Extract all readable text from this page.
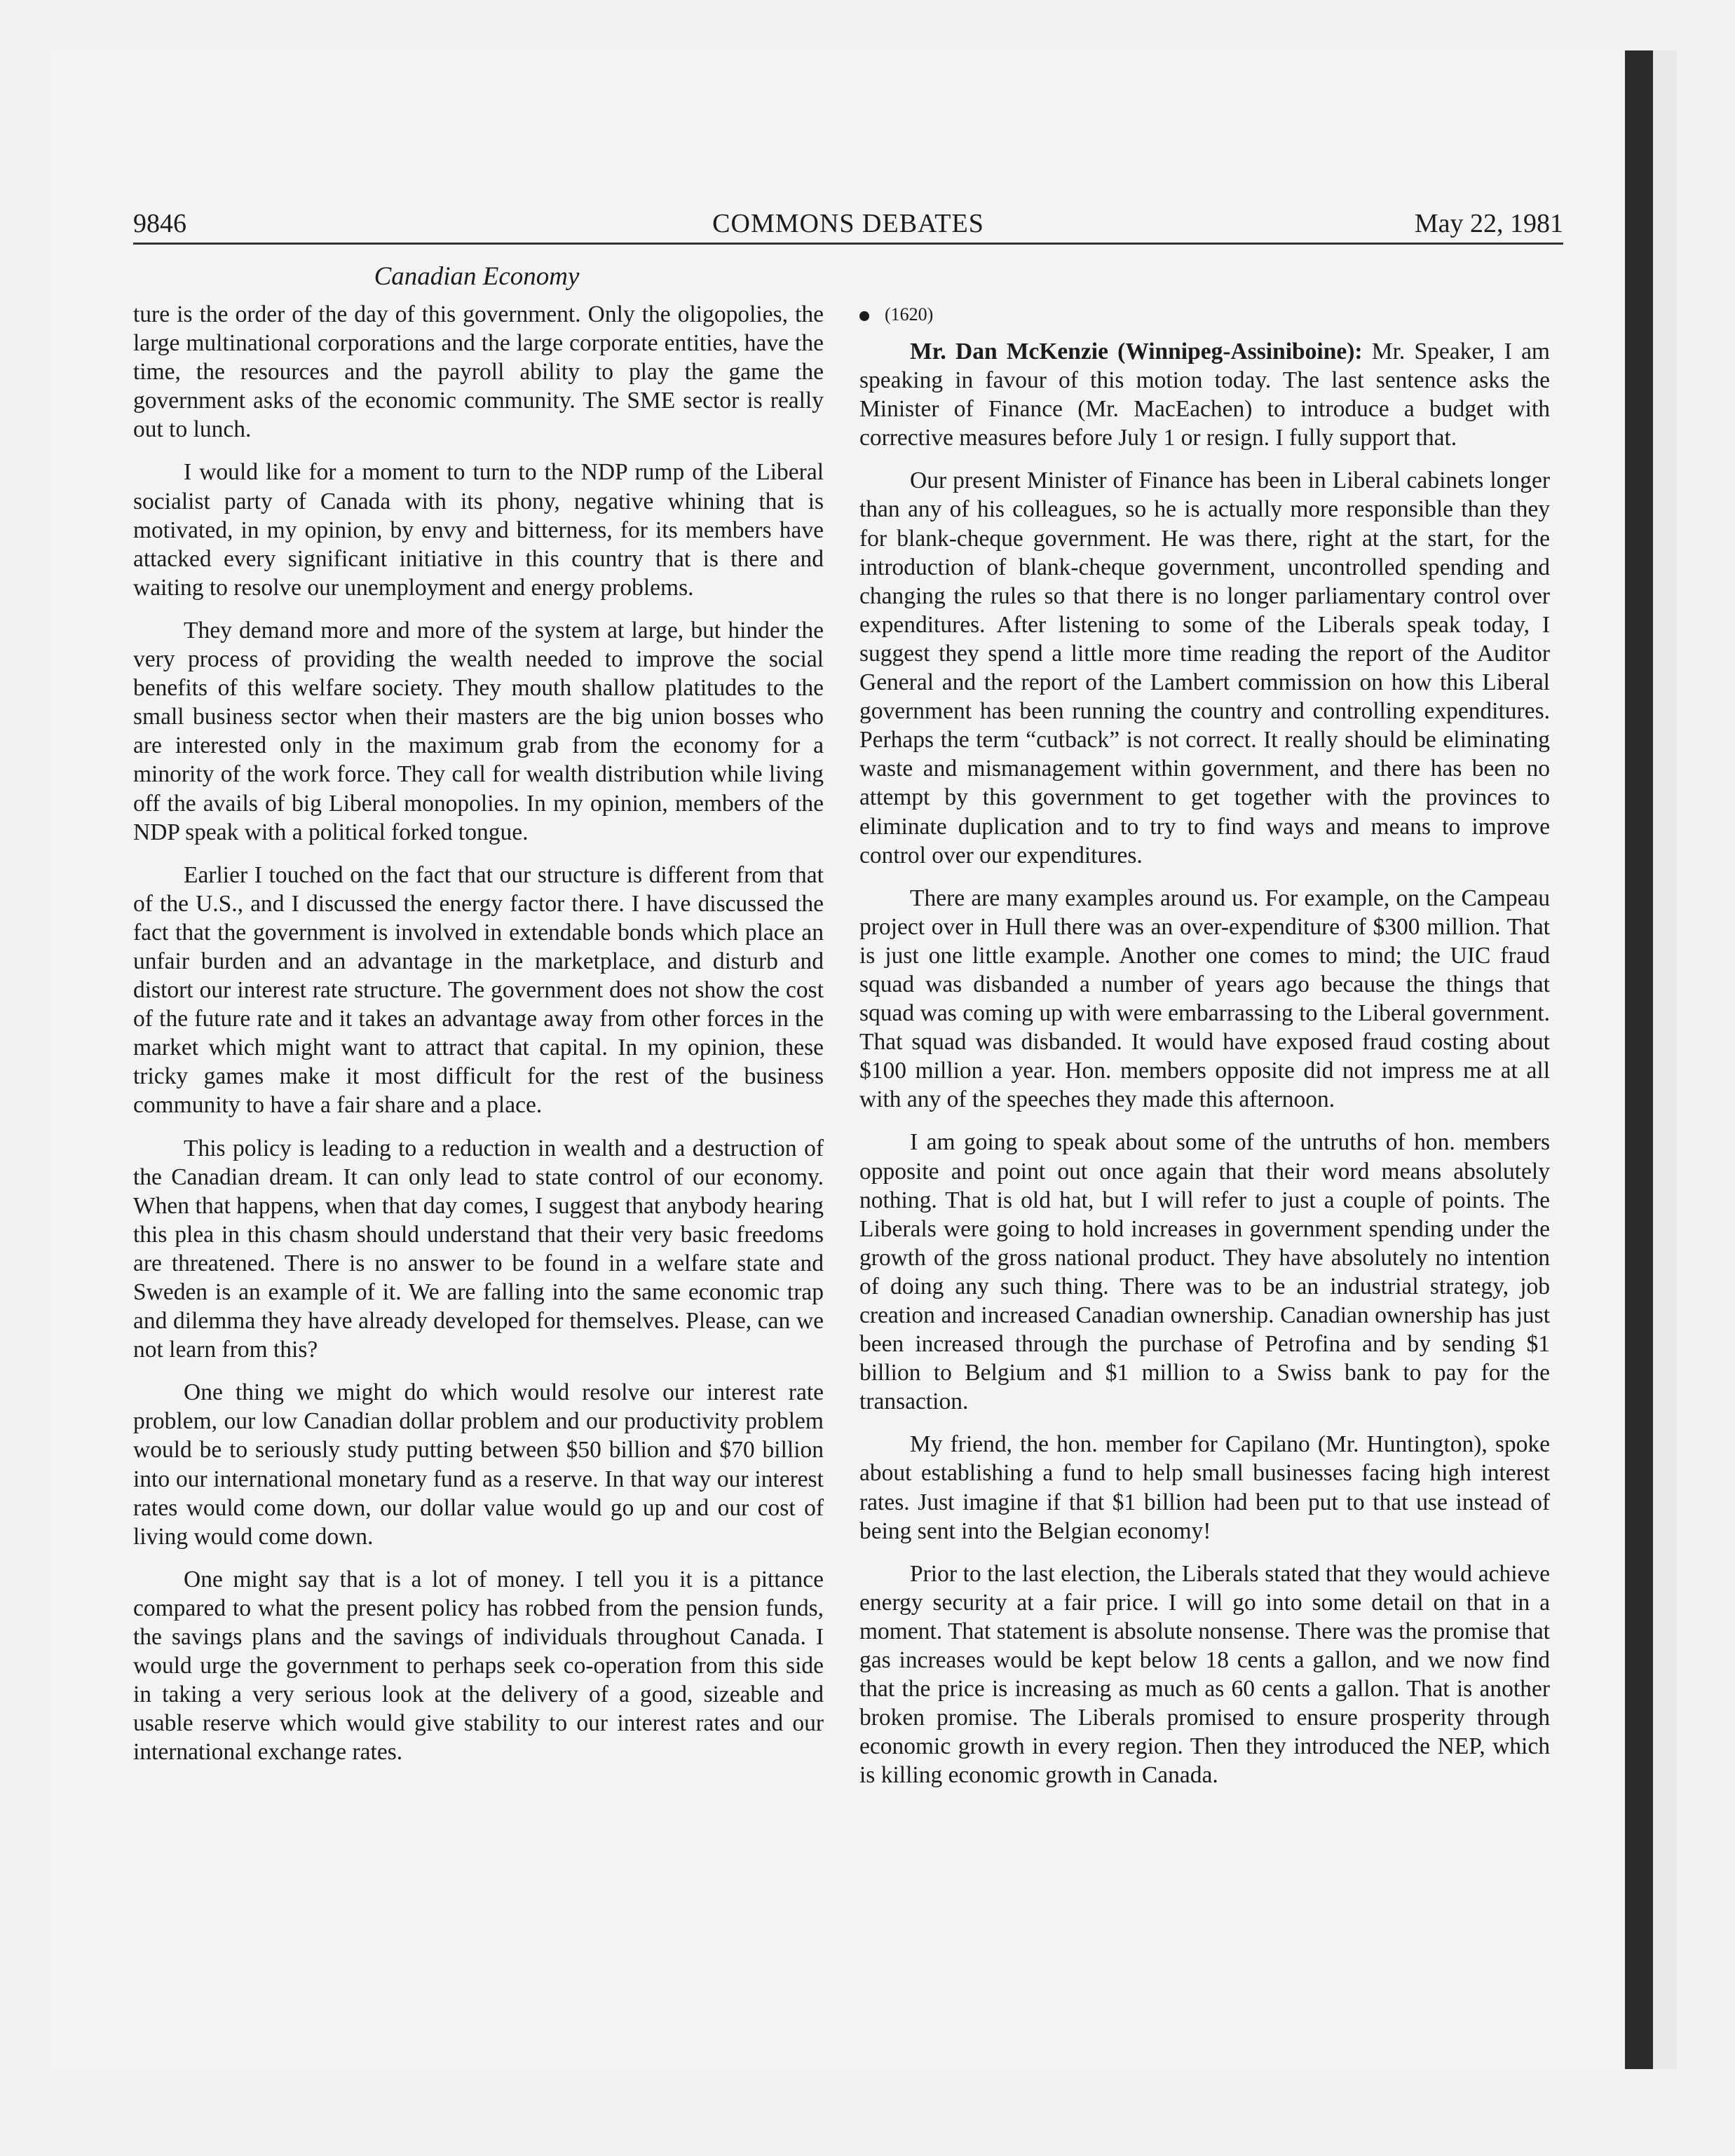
9846	COMMONS DEBATES	May 22, 1981
Canadian Economy

ture is the order of the day of this government. Only the oligopolies, the large multinational corporations and the large corporate entities, have the time, the resources and the payroll ability to play the game the government asks of the economic community. The SME sector is really out to lunch.

I would like for a moment to turn to the NDP rump of the Liberal socialist party of Canada with its phony, negative whining that is motivated, in my opinion, by envy and bitterness, for its members have attacked every significant initiative in this country that is there and waiting to resolve our unemployment and energy problems.

They demand more and more of the system at large, but hinder the very process of providing the wealth needed to improve the social benefits of this welfare society. They mouth shallow platitudes to the small business sector when their masters are the big union bosses who are interested only in the maximum grab from the economy for a minority of the work force. They call for wealth distribution while living off the avails of big Liberal monopolies. In my opinion, members of the NDP speak with a political forked tongue.

Earlier I touched on the fact that our structure is different from that of the U.S., and I discussed the energy factor there. I have discussed the fact that the government is involved in extendable bonds which place an unfair burden and an advantage in the marketplace, and disturb and distort our interest rate structure. The government does not show the cost of the future rate and it takes an advantage away from other forces in the market which might want to attract that capital. In my opinion, these tricky games make it most difficult for the rest of the business community to have a fair share and a place.

This policy is leading to a reduction in wealth and a destruction of the Canadian dream. It can only lead to state control of our economy. When that happens, when that day comes, I suggest that anybody hearing this plea in this chasm should understand that their very basic freedoms are threatened. There is no answer to be found in a welfare state and Sweden is an example of it. We are falling into the same economic trap and dilemma they have already developed for themselves. Please, can we not learn from this?

One thing we might do which would resolve our interest rate problem, our low Canadian dollar problem and our productivity problem would be to seriously study putting between $50 billion and $70 billion into our international monetary fund as a reserve. In that way our interest rates would come down, our dollar value would go up and our cost of living would come down.

One might say that is a lot of money. I tell you it is a pittance compared to what the present policy has robbed from the pension funds, the savings plans and the savings of individuals throughout Canada. I would urge the government to perhaps seek co-operation from this side in taking a very serious look at the delivery of a good, sizeable and usable reserve which would give stability to our interest rates and our international exchange rates.

(1620)

Mr. Dan McKenzie (Winnipeg-Assiniboine): Mr. Speaker, I am speaking in favour of this motion today. The last sentence asks the Minister of Finance (Mr. MacEachen) to introduce a budget with corrective measures before July 1 or resign. I fully support that.

Our present Minister of Finance has been in Liberal cabinets longer than any of his colleagues, so he is actually more responsible than they for blank-cheque government. He was there, right at the start, for the introduction of blank-cheque government, uncontrolled spending and changing the rules so that there is no longer parliamentary control over expenditures. After listening to some of the Liberals speak today, I suggest they spend a little more time reading the report of the Auditor General and the report of the Lambert commission on how this Liberal government has been running the country and controlling expenditures. Perhaps the term “cutback” is not correct. It really should be eliminating waste and mismanagement within government, and there has been no attempt by this government to get together with the provinces to eliminate duplication and to try to find ways and means to improve control over our expenditures.

There are many examples around us. For example, on the Campeau project over in Hull there was an over-expenditure of $300 million. That is just one little example. Another one comes to mind; the UIC fraud squad was disbanded a number of years ago because the things that squad was coming up with were embarrassing to the Liberal government. That squad was disbanded. It would have exposed fraud costing about $100 million a year. Hon. members opposite did not impress me at all with any of the speeches they made this afternoon.

I am going to speak about some of the untruths of hon. members opposite and point out once again that their word means absolutely nothing. That is old hat, but I will refer to just a couple of points. The Liberals were going to hold increases in government spending under the growth of the gross national product. They have absolutely no intention of doing any such thing. There was to be an industrial strategy, job creation and increased Canadian ownership. Canadian ownership has just been increased through the purchase of Petrofina and by sending $1 billion to Belgium and $1 million to a Swiss bank to pay for the transaction.

My friend, the hon. member for Capilano (Mr. Huntington), spoke about establishing a fund to help small businesses facing high interest rates. Just imagine if that $1 billion had been put to that use instead of being sent into the Belgian economy!

Prior to the last election, the Liberals stated that they would achieve energy security at a fair price. I will go into some detail on that in a moment. That statement is absolute nonsense. There was the promise that gas increases would be kept below 18 cents a gallon, and we now find that the price is increasing as much as 60 cents a gallon. That is another broken promise. The Liberals promised to ensure prosperity through economic growth in every region. Then they introduced the NEP, which is killing economic growth in Canada.
